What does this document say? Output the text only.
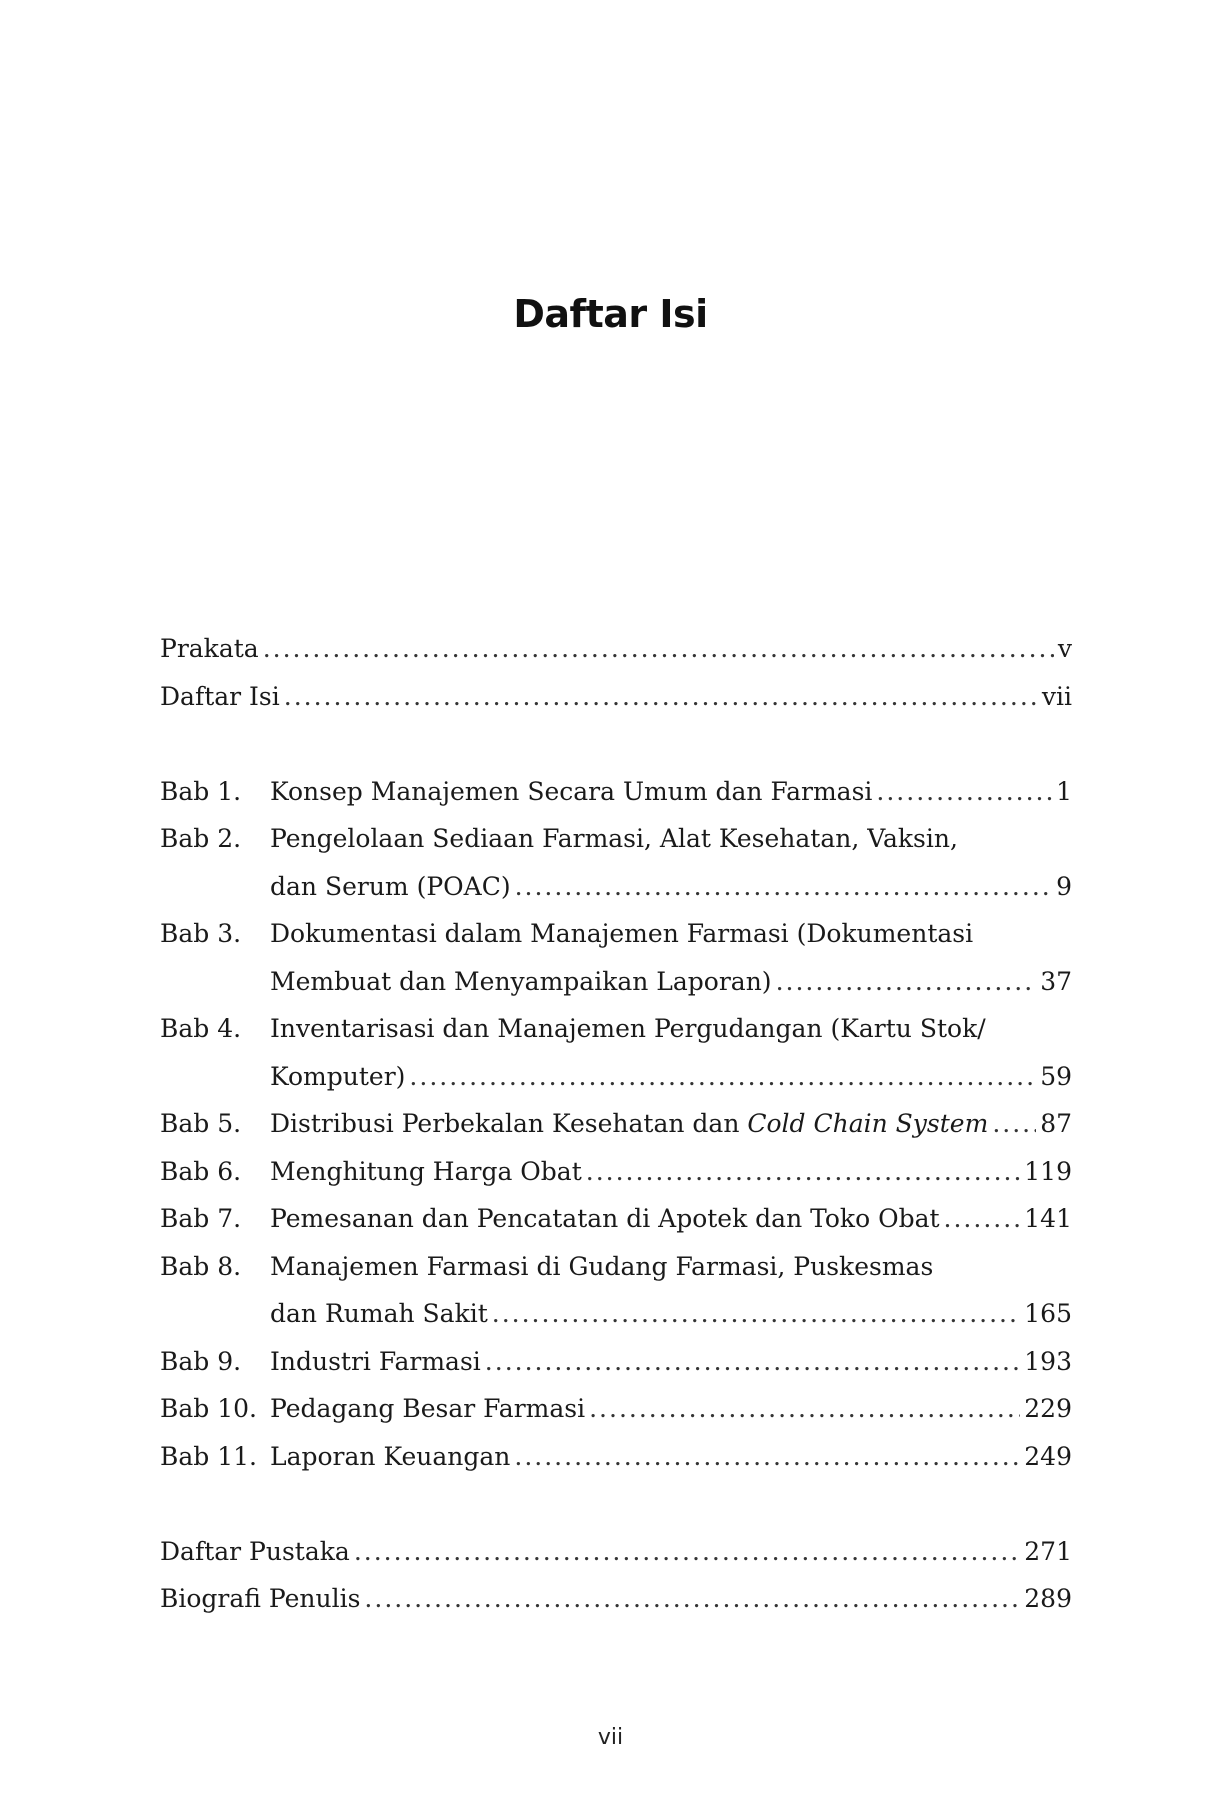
Daftar Isi
Prakata .....	v
Daftar Isi .....	vii
Bab 1.	Konsep Manajemen Secara Umum dan Farmasi .....	1
Bab 2.	Pengelolaan Sediaan Farmasi, Alat Kesehatan, Vaksin,
dan Serum (POAC) .....	9
Bab 3.	Dokumentasi dalam Manajemen Farmasi (Dokumentasi
Membuat dan Menyampaikan Laporan) .....	37
Bab 4.	Inventarisasi dan Manajemen Pergudangan (Kartu Stok/
Komputer) .....	59
Bab 5.	Distribusi Perbekalan Kesehatan dan Cold Chain System ..... 87
Bab 6.	Menghitung Harga Obat .....	119
Bab 7.	Pemesanan dan Pencatatan di Apotek dan Toko Obat .....	141
Bab 8.	Manajemen Farmasi di Gudang Farmasi, Puskesmas
dan Rumah Sakit .....	165
Bab 9.	Industri Farmasi .....	193
Bab 10. Pedagang Besar Farmasi .....	229
Bab 11. Laporan Keuangan .....	249
Daftar Pustaka .....	271
Biografi Penulis .....	289
vii
